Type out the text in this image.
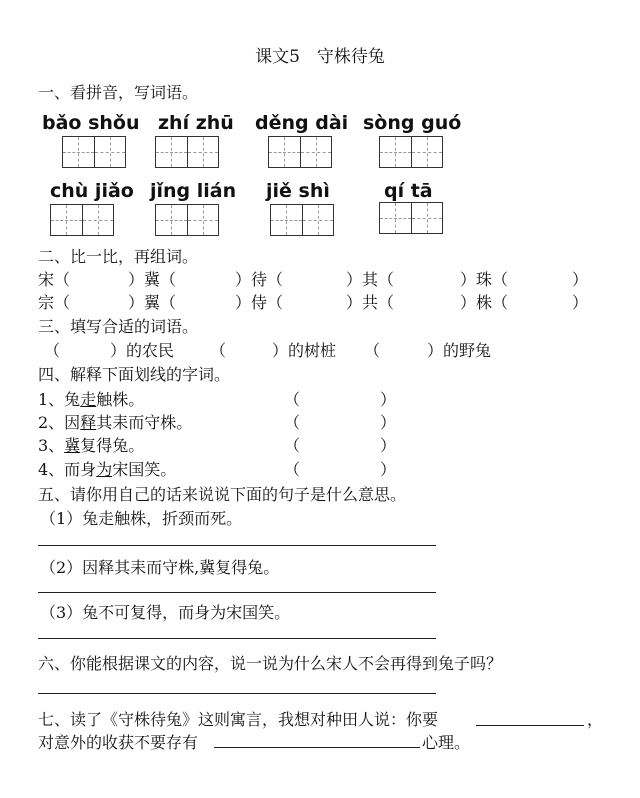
课文5　守株待兔
一、看拼音，写词语。
bǎo shǒu zhí zhū děng dài sòng guó
chù jiǎo jǐng lián jiě shì	qí tā
二、比一比，再组词。
宋（	）冀（	）待（	）其（	）珠（	）
宗（	）翼（	）侍（	）共（	）株（	）
三、填写合适的词语。
（	）的农民 （	）的树桩 （	）的野兔
四、解释下面划线的字词。
1、兔走触株。	（　　　　　）
2、因释其耒而守株。	（　　　　　）
3、冀复得兔。	（　　　　　）
4、而身为宋国笑。	（　　　　　）
五、请你用自己的话来说说下面的句子是什么意思。
（1）兔走触株，折颈而死。
（2）因释其耒而守株,冀复得兔。
（3）兔不可复得，而身为宋国笑。
六、你能根据课文的内容，说一说为什么宋人不会再得到兔子吗？
七、读了《守株待兔》这则寓言，我想对种田人说：你要	，
对意外的收获不要存有	心理。
